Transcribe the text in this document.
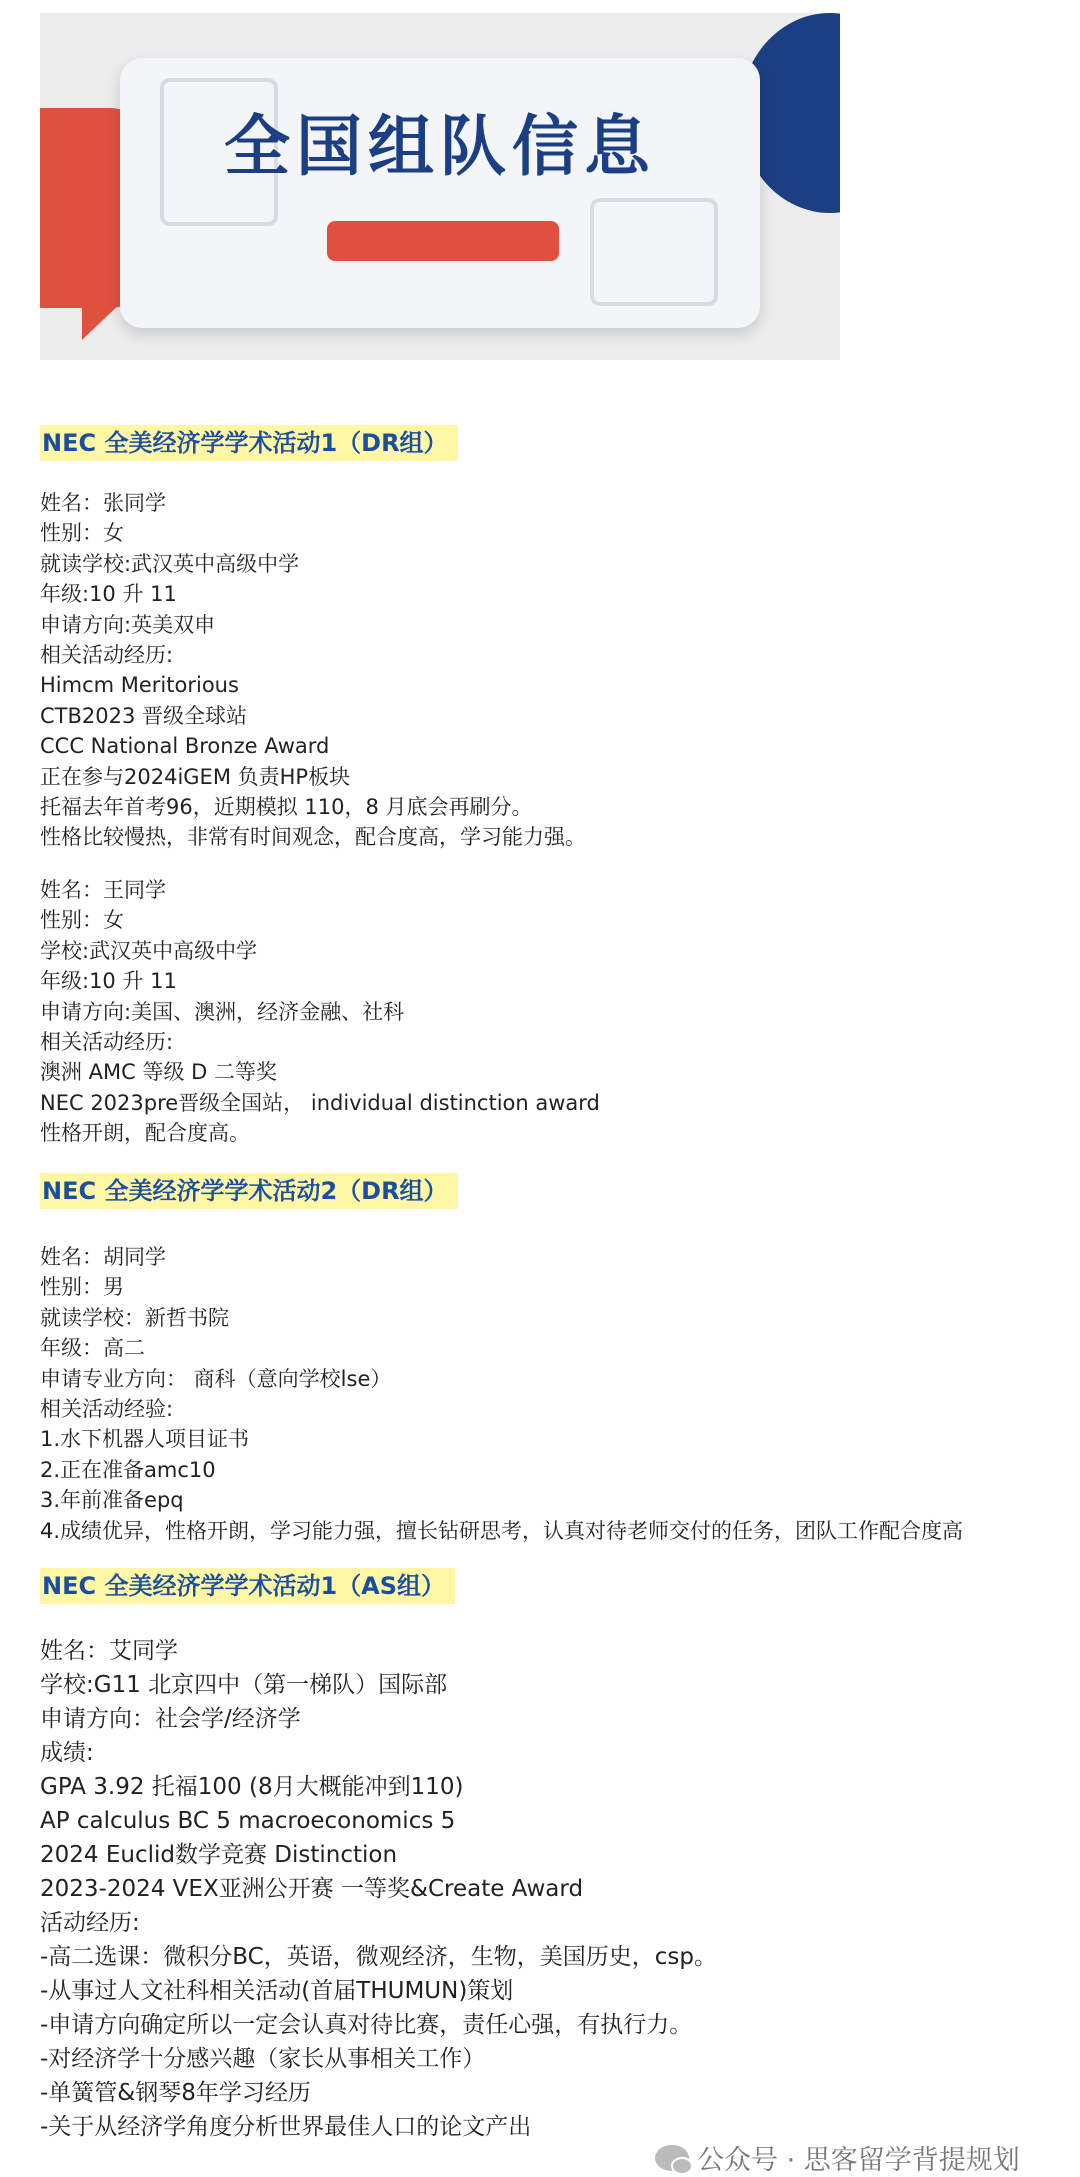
全国组队信息
NEC 全美经济学学术活动1（DR组）
姓名：张同学
性别：女
就读学校:武汉英中高级中学
年级:10 升 11
申请方向:英美双申
相关活动经历:
Himcm Meritorious
CTB2023 晋级全球站
CCC National Bronze Award
正在参与2024iGEM 负责HP板块
托福去年首考96，近期模拟 110，8 月底会再刷分。
性格比较慢热，非常有时间观念，配合度高，学习能力强。
姓名：王同学
性别：女
学校:武汉英中高级中学
年级:10 升 11
申请方向:美国、澳洲，经济金融、社科
相关活动经历:
澳洲 AMC 等级 D 二等奖
NEC 2023pre晋级全国站， individual distinction award
性格开朗，配合度高。
NEC 全美经济学学术活动2（DR组）
姓名：胡同学
性别：男
就读学校：新哲书院
年级：高二
申请专业方向： 商科（意向学校lse）
相关活动经验:
1.水下机器人项目证书
2.正在准备amc10
3.年前准备epq
4.成绩优异，性格开朗，学习能力强，擅长钻研思考，认真对待老师交付的任务，团队工作配合度高
NEC 全美经济学学术活动1（AS组）
姓名：艾同学
学校:G11 北京四中（第一梯队）国际部
申请方向：社会学/经济学
成绩:
GPA 3.92 托福100 (8月大概能冲到110)
AP calculus BC 5 macroeconomics 5
2024 Euclid数学竞赛 Distinction
2023-2024 VEX亚洲公开赛 一等奖&Create Award
活动经历:
-高二选课：微积分BC，英语，微观经济，生物，美国历史，csp。
-从事过人文社科相关活动(首届THUMUN)策划
-申请方向确定所以一定会认真对待比赛，责任心强，有执行力。
-对经济学十分感兴趣（家长从事相关工作）
-单簧管&钢琴8年学习经历
-关于从经济学角度分析世界最佳人口的论文产出
公众号 · 思客留学背提规划
